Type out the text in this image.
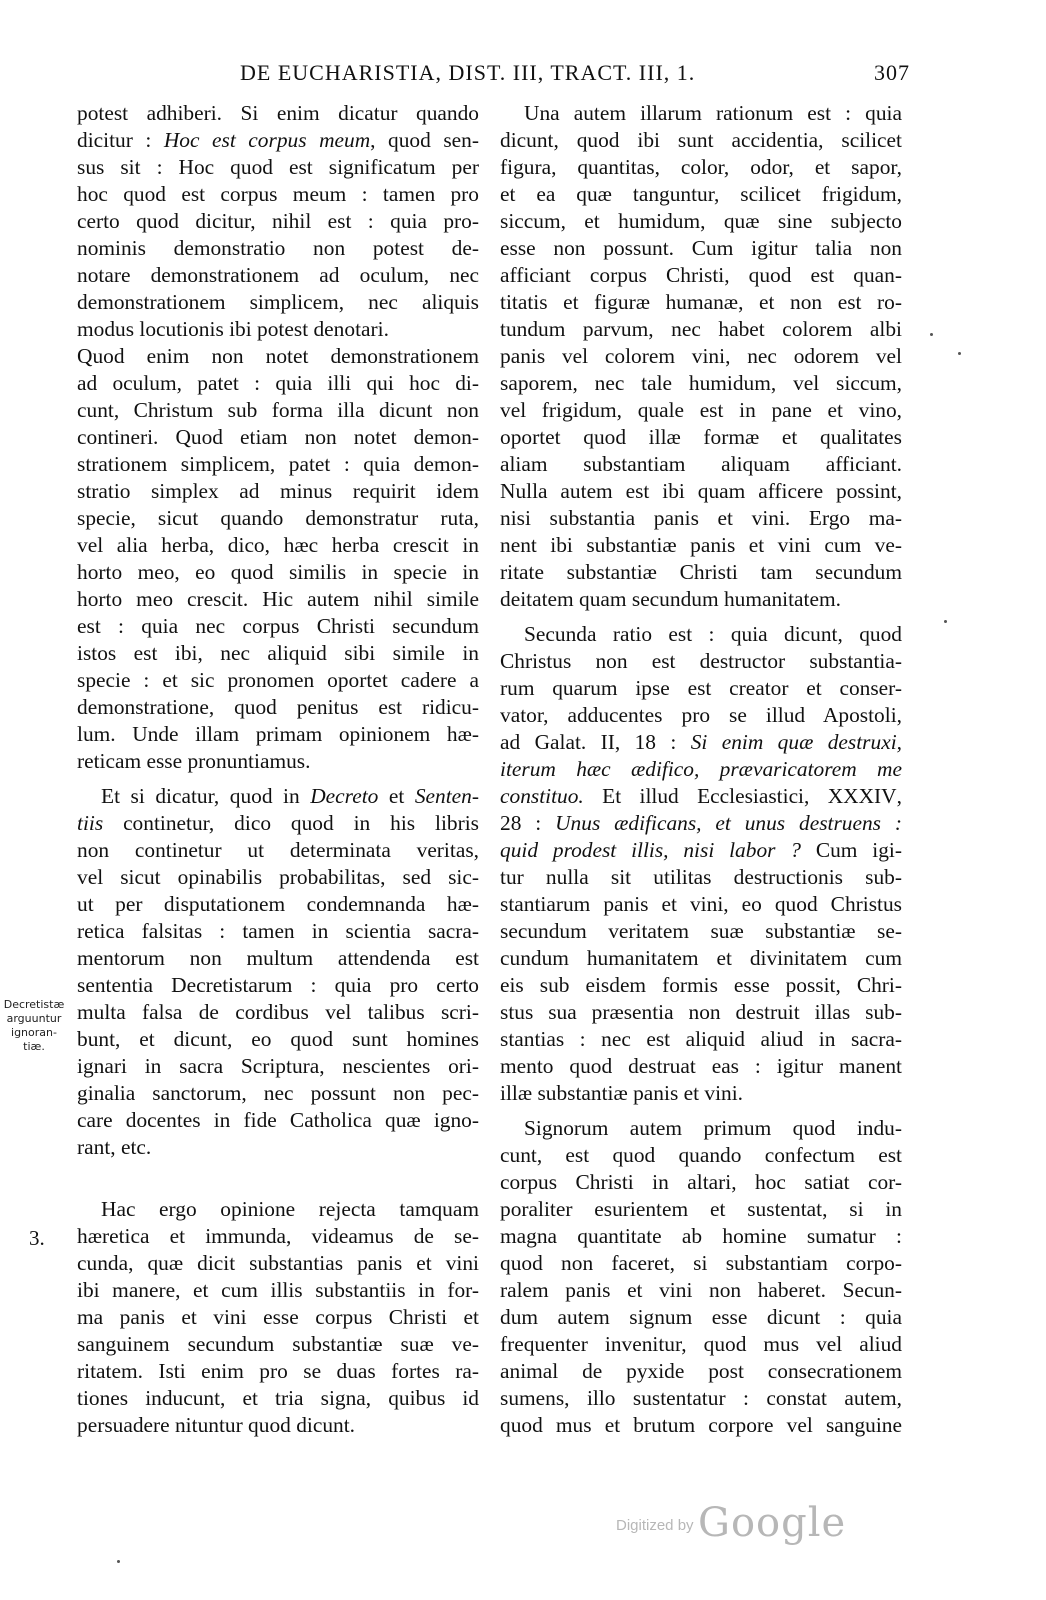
DE EUCHARISTIA, DIST. III, TRACT. III, 1.	307

potest adhiberi. Si enim dicatur quando
dicitur : Hoc est corpus meum, quod sen-
sus sit : Hoc quod est significatum per
hoc quod est corpus meum : tamen pro
certo quod dicitur, nihil est : quia pro-
nominis demonstratio non potest de-
notare demonstrationem ad oculum, nec
demonstrationem simplicem, nec aliquis
modus locutionis ibi potest denotari.
Quod enim non notet demonstrationem
ad oculum, patet : quia illi qui hoc di-
cunt, Christum sub forma illa dicunt non
contineri. Quod etiam non notet demon-
strationem simplicem, patet : quia demon-
stratio simplex ad minus requirit idem
specie, sicut quando demonstratur ruta,
vel alia herba, dico, hæc herba crescit in
horto meo, eo quod similis in specie in
horto meo crescit. Hic autem nihil simile
est : quia nec corpus Christi secundum
istos est ibi, nec aliquid sibi simile in
specie : et sic pronomen oportet cadere a
demonstratione, quod penitus est ridicu-
lum. Unde illam primam opinionem hæ-
reticam esse pronuntiamus.

Et si dicatur, quod in Decreto et Senten-
tiis continetur, dico quod in his libris
non continetur ut determinata veritas,
vel sicut opinabilis probabilitas, sed sic-
ut per disputationem condemnanda hæ-
retica falsitas : tamen in scientia sacra-
mentorum non multum attendenda est
sententia Decretistarum : quia pro certo
multa falsa de cordibus vel talibus scri-
bunt, et dicunt, eo quod sunt homines
ignari in sacra Scriptura, nescientes ori-
ginalia sanctorum, nec possunt non pec-
care docentes in fide Catholica quæ igno-
rant, etc.

Hac ergo opinione rejecta tamquam
hæretica et immunda, videamus de se-
cunda, quæ dicit substantias panis et vini
ibi manere, et cum illis substantiis in for-
ma panis et vini esse corpus Christi et
sanguinem secundum substantiæ suæ ve-
ritatem. Isti enim pro se duas fortes ra-
tiones inducunt, et tria signa, quibus id
persuadere nituntur quod dicunt.

Una autem illarum rationum est : quia
dicunt, quod ibi sunt accidentia, scilicet
figura, quantitas, color, odor, et sapor,
et ea quæ tanguntur, scilicet frigidum,
siccum, et humidum, quæ sine subjecto
esse non possunt. Cum igitur talia non
afficiant corpus Christi, quod est quan-
titatis et figuræ humanæ, et non est ro-
tundum parvum, nec habet colorem albi
panis vel colorem vini, nec odorem vel
saporem, nec tale humidum, vel siccum,
vel frigidum, quale est in pane et vino,
oportet quod illæ formæ et qualitates
aliam substantiam aliquam afficiant.
Nulla autem est ibi quam afficere possint,
nisi substantia panis et vini. Ergo ma-
nent ibi substantiæ panis et vini cum ve-
ritate substantiæ Christi tam secundum
deitatem quam secundum humanitatem.

Secunda ratio est : quia dicunt, quod
Christus non est destructor substantia-
rum quarum ipse est creator et conser-
vator, adducentes pro se illud Apostoli,
ad Galat. II, 18 : Si enim quæ destruxi,
iterum hæc ædifico, prævaricatorem me
constituo. Et illud Ecclesiastici, XXXIV,
28 : Unus ædificans, et unus destruens :
quid prodest illis, nisi labor ? Cum igi-
tur nulla sit utilitas destructionis sub-
stantiarum panis et vini, eo quod Christus
secundum veritatem suæ substantiæ se-
cundum humanitatem et divinitatem cum
eis sub eisdem formis esse possit, Chri-
stus sua præsentia non destruit illas sub-
stantias : nec est aliquid aliud in sacra-
mento quod destruat eas : igitur manent
illæ substantiæ panis et vini.

Signorum autem primum quod indu-
cunt, est quod quando confectum est
corpus Christi in altari, hoc satiat cor-
poraliter esurientem et sustentat, si in
magna quantitate ab homine sumatur :
quod non faceret, si substantiam corpo-
ralem panis et vini non haberet. Secun-
dum autem signum esse dicunt : quia
frequenter invenitur, quod mus vel aliud
animal de pyxide post consecrationem
sumens, illo sustentatur : constat autem,
quod mus et brutum corpore vel sanguine

Decretistæ
arguuntur
ignoran-
tiæ.
3.
Digitized by Google
